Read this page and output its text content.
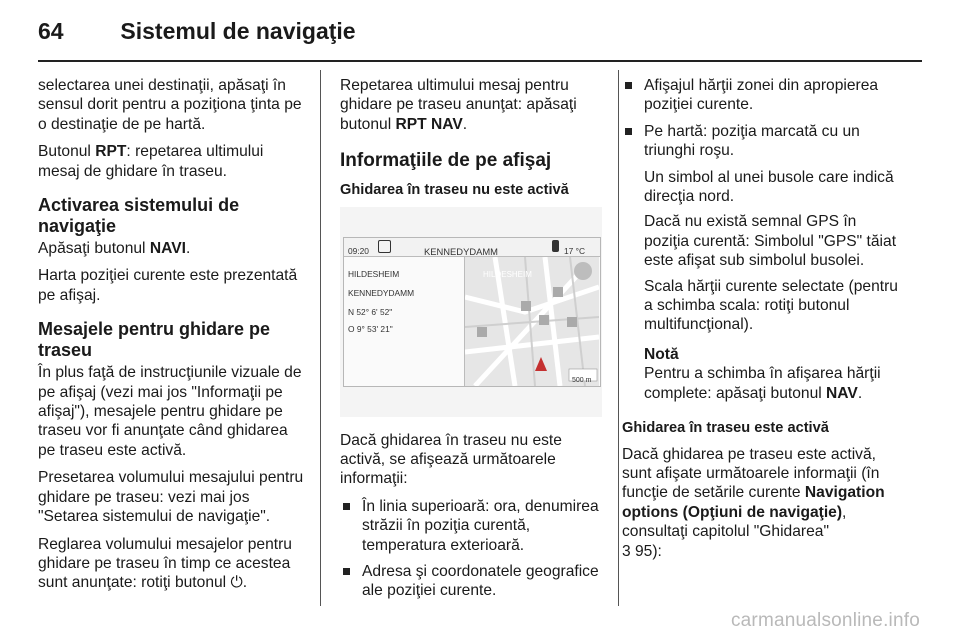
64 Sistemul de navigaţie

selectarea unei destinaţii, apăsaţi în sensul dorit pentru a poziţiona ţinta pe o destinaţie de pe hartă.

Butonul RPT: repetarea ultimului mesaj de ghidare în traseu.

Activarea sistemului de navigaţie

Apăsaţi butonul NAVI.

Harta poziţiei curente este prezentată pe afişaj.

Mesajele pentru ghidare pe traseu

În plus faţă de instrucţiunile vizuale de pe afişaj (vezi mai jos "Informaţii pe afişaj"), mesajele pentru ghidare pe traseu vor fi anunţate când ghidarea pe traseu este activă.

Presetarea volumului mesajului pentru ghidare pe traseu: vezi mai jos "Setarea sistemului de navigaţie".

Reglarea volumului mesajelor pentru ghidare pe traseu în timp ce acestea sunt anunţate: rotiţi butonul ⏻.

Repetarea ultimului mesaj pentru ghidare pe traseu anunţat: apăsaţi butonul RPT NAV.

Informaţiile de pe afişaj
Ghidarea în traseu nu este activă
09:20	KENNEDYDAMM	17 °C
HILDESHEIM
KENNEDYDAMM
N 52° 6' 52"
O 9° 53' 21"
HILDESHEIM
500 m

Dacă ghidarea în traseu nu este activă, se afişează următoarele informaţii:

În linia superioară: ora, denumirea străzii în poziţia curentă, temperatura exterioară.
Adresa şi coordonatele geografice ale poziţiei curente.
Afişajul hărţii zonei din apropierea poziţiei curente.
Pe hartă: poziţia marcată cu un triunghi roşu.
Un simbol al unei busole care indică direcţia nord.
Dacă nu există semnal GPS în poziţia curentă: Simbolul "GPS" tăiat este afişat sub simbolul busolei.
Scala hărţii curente selectate (pentru a schimba scala: rotiţi butonul multifuncţional).
Notă
Pentru a schimba în afişarea hărţii complete: apăsaţi butonul NAV.
Ghidarea în traseu este activă

Dacă ghidarea pe traseu este activă, sunt afişate următoarele informaţii (în funcţie de setările curente Navigation options (Opţiuni de navigaţie), consultaţi capitolul "Ghidarea"
3 95):

carmanualsonline.info
